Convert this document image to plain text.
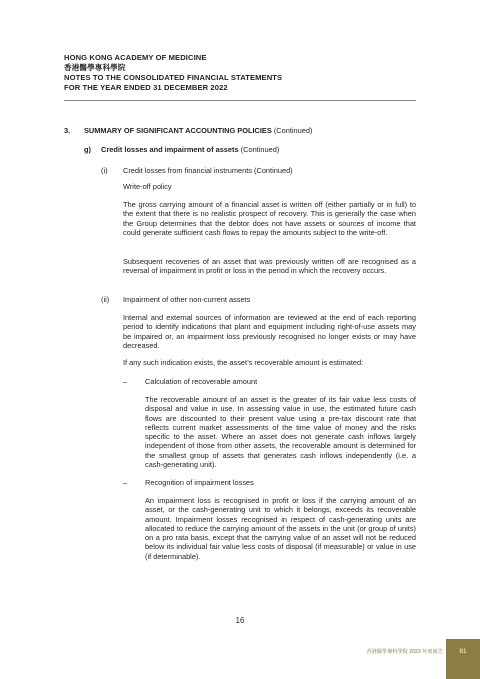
HONG KONG ACADEMY OF MEDICINE
香港醫學專科學院
NOTES TO THE CONSOLIDATED FINANCIAL STATEMENTS
FOR THE YEAR ENDED 31 DECEMBER 2022
3. SUMMARY OF SIGNIFICANT ACCOUNTING POLICIES (Continued)
g) Credit losses and impairment of assets (Continued)
(i) Credit losses from financial instruments (Continued)
Write-off policy
The gross carrying amount of a financial asset is written off (either partially or in full) to the extent that there is no realistic prospect of recovery. This is generally the case when the Group determines that the debtor does not have assets or sources of income that could generate sufficient cash flows to repay the amounts subject to the write-off.
Subsequent recoveries of an asset that was previously written off are recognised as a reversal of impairment in profit or loss in the period in which the recovery occurs.
(ii) Impairment of other non-current assets
Internal and external sources of information are reviewed at the end of each reporting period to identify indications that plant and equipment including right-of-use assets may be impaired or, an impairment loss previously recognised no longer exists or may have decreased.
If any such indication exists, the asset’s recoverable amount is estimated:
– Calculation of recoverable amount
The recoverable amount of an asset is the greater of its fair value less costs of disposal and value in use. In assessing value in use, the estimated future cash flows are discounted to their present value using a pre-tax discount rate that reflects current market assessments of the time value of money and the risks specific to the asset. Where an asset does not generate cash inflows largely independent of those from other assets, the recoverable amount is determined for the smallest group of assets that generates cash inflows independently (i.e. a cash-generating unit).
– Recognition of impairment losses
An impairment loss is recognised in profit or loss if the carrying amount of an asset, or the cash-generating unit to which it belongs, exceeds its recoverable amount. Impairment losses recognised in respect of cash-generating units are allocated to reduce the carrying amount of the assets in the unit (or group of units) on a pro rata basis, except that the carrying value of an asset will not be reduced below its individual fair value less costs of disposal (if measurable) or value in use (if determinable).
16
香港醫學專科學院 2023 年度報告	81
